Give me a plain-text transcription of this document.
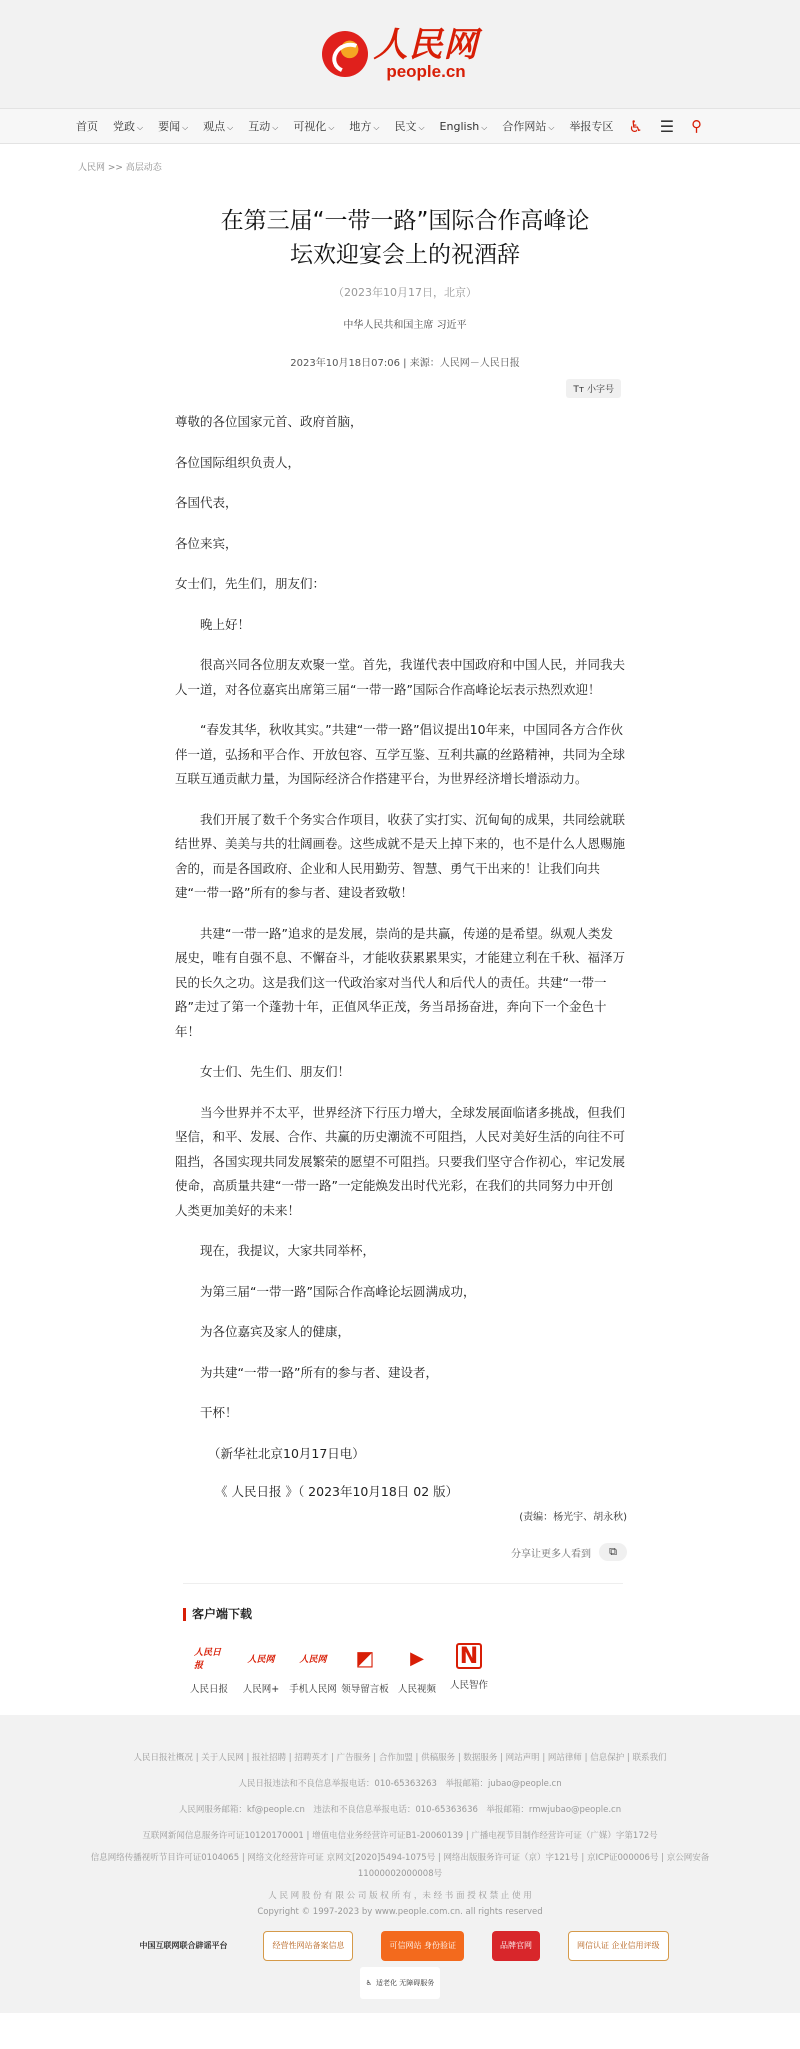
人民网
people.cn
首页 党政 ⌵ 要闻 ⌵ 观点 ⌵ 互动 ⌵ 可视化 ⌵ 地方 ⌵ 民文 ⌵ English ⌵ 合作网站 ⌵ 举报专区 ♿ ☰ ⚲
人民网 >> 高层动态
在第三届“一带一路”国际合作高峰论
坛欢迎宴会上的祝酒辞
（2023年10月17日，北京）
中华人民共和国主席 习近平
2023年10月18日07:06 | 来源：人民网－人民日报
Tт 小字号

尊敬的各位国家元首、政府首脑，

各位国际组织负责人，

各国代表，

各位来宾，

女士们，先生们，朋友们：

晚上好！

很高兴同各位朋友欢聚一堂。首先，我谨代表中国政府和中国人民，并同我夫人一道，对各位嘉宾出席第三届“一带一路”国际合作高峰论坛表示热烈欢迎！

“春发其华，秋收其实。”共建“一带一路”倡议提出10年来，中国同各方合作伙伴一道，弘扬和平合作、开放包容、互学互鉴、互利共赢的丝路精神，共同为全球互联互通贡献力量，为国际经济合作搭建平台，为世界经济增长增添动力。

我们开展了数千个务实合作项目，收获了实打实、沉甸甸的成果，共同绘就联结世界、美美与共的壮阔画卷。这些成就不是天上掉下来的，也不是什么人恩赐施舍的，而是各国政府、企业和人民用勤劳、智慧、勇气干出来的！让我们向共建“一带一路”所有的参与者、建设者致敬！

共建“一带一路”追求的是发展，崇尚的是共赢，传递的是希望。纵观人类发展史，唯有自强不息、不懈奋斗，才能收获累累果实，才能建立利在千秋、福泽万民的长久之功。这是我们这一代政治家对当代人和后代人的责任。共建“一带一路”走过了第一个蓬勃十年，正值风华正茂，务当昂扬奋进，奔向下一个金色十年！

女士们、先生们、朋友们！

当今世界并不太平，世界经济下行压力增大，全球发展面临诸多挑战，但我们坚信，和平、发展、合作、共赢的历史潮流不可阻挡，人民对美好生活的向往不可阻挡，各国实现共同发展繁荣的愿望不可阻挡。只要我们坚守合作初心，牢记发展使命，高质量共建“一带一路”一定能焕发出时代光彩，在我们的共同努力中开创人类更加美好的未来！

现在，我提议，大家共同举杯，

为第三届“一带一路”国际合作高峰论坛圆满成功，

为各位嘉宾及家人的健康，

为共建“一带一路”所有的参与者、建设者，

干杯！

（新华社北京10月17日电）

《 人民日报 》（ 2023年10月18日 02 版）
(责编：杨光宇、胡永秋)
分享让更多人看到 ⧉
客户端下载
人民日报
人民日报
人民网
人民网+
人民网
手机人民网
◩
领导留言板
▶
人民视频
N
人民智作
人民日报社概况 | 关于人民网 | 报社招聘 | 招聘英才 | 广告服务 | 合作加盟 | 供稿服务 | 数据服务 | 网站声明 | 网站律师 | 信息保护 | 联系我们
人民日报违法和不良信息举报电话：010-65363263　举报邮箱：jubao@people.cn
人民网服务邮箱：kf@people.cn　违法和不良信息举报电话：010-65363636　举报邮箱：rmwjubao@people.cn
互联网新闻信息服务许可证10120170001 | 增值电信业务经营许可证B1-20060139 | 广播电视节目制作经营许可证（广媒）字第172号
信息网络传播视听节目许可证0104065 | 网络文化经营许可证 京网文[2020]5494-1075号 | 网络出版服务许可证（京）字121号 | 京ICP证000006号 | 京公网安备
11000002000008号
人 民 网 股 份 有 限 公 司 版 权 所 有 ，未 经 书 面 授 权 禁 止 使 用
Copyright © 1997-2023 by www.people.com.cn. all rights reserved
中国互联网联合辟谣平台	经营性网站备案信息	可信网站 身份验证	品牌官网	网信认证 企业信用评级
♿ 适老化 无障碍服务
